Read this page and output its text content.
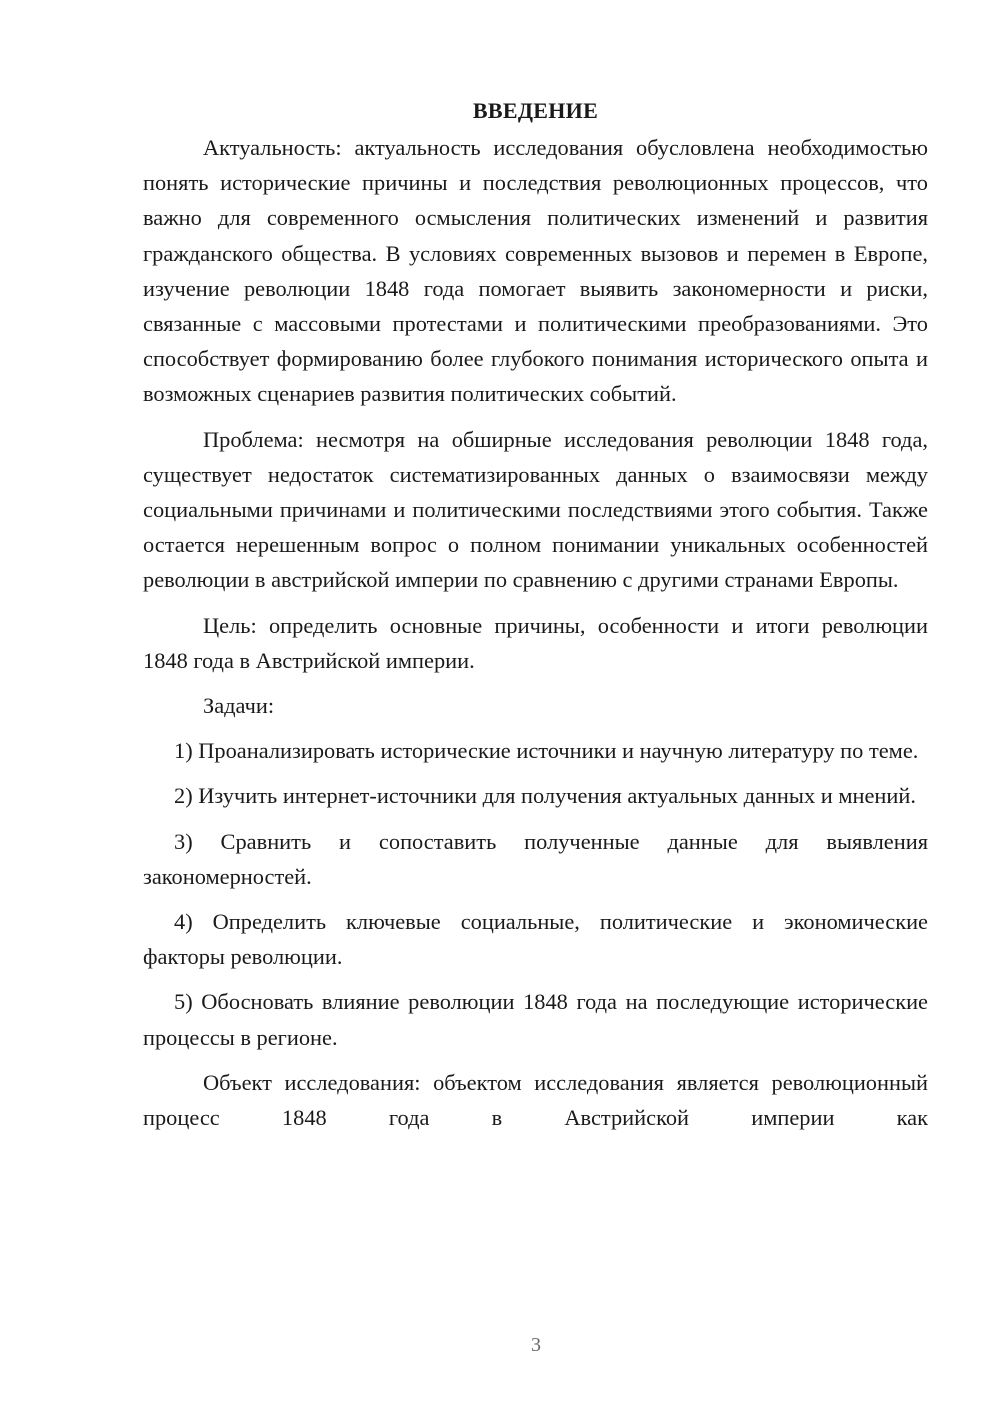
ВВЕДЕНИЕ

Актуальность: актуальность исследования обусловлена необходимостью понять исторические причины и последствия революционных процессов, что важно для современного осмысления политических изменений и развития гражданского общества. В условиях современных вызовов и перемен в Европе, изучение революции 1848 года помогает выявить закономерности и риски, связанные с массовыми протестами и политическими преобразованиями. Это способствует формированию более глубокого понимания исторического опыта и возможных сценариев развития политических событий.

Проблема: несмотря на обширные исследования революции 1848 года, существует недостаток систематизированных данных о взаимосвязи между социальными причинами и политическими последствиями этого события. Также остается нерешенным вопрос о полном понимании уникальных особенностей революции в австрийской империи по сравнению с другими странами Европы.

Цель: определить основные причины, особенности и итоги революции 1848 года в Австрийской империи.

Задачи:

1) Проанализировать исторические источники и научную литературу по теме.

2) Изучить интернет-источники для получения актуальных данных и мнений.

3) Сравнить и сопоставить полученные данные для выявления закономерностей.

4) Определить ключевые социальные, политические и экономические факторы революции.

5) Обосновать влияние революции 1848 года на последующие исторические процессы в регионе.

Объект исследования: объектом исследования является революционный процесс 1848 года в Австрийской империи как

3
